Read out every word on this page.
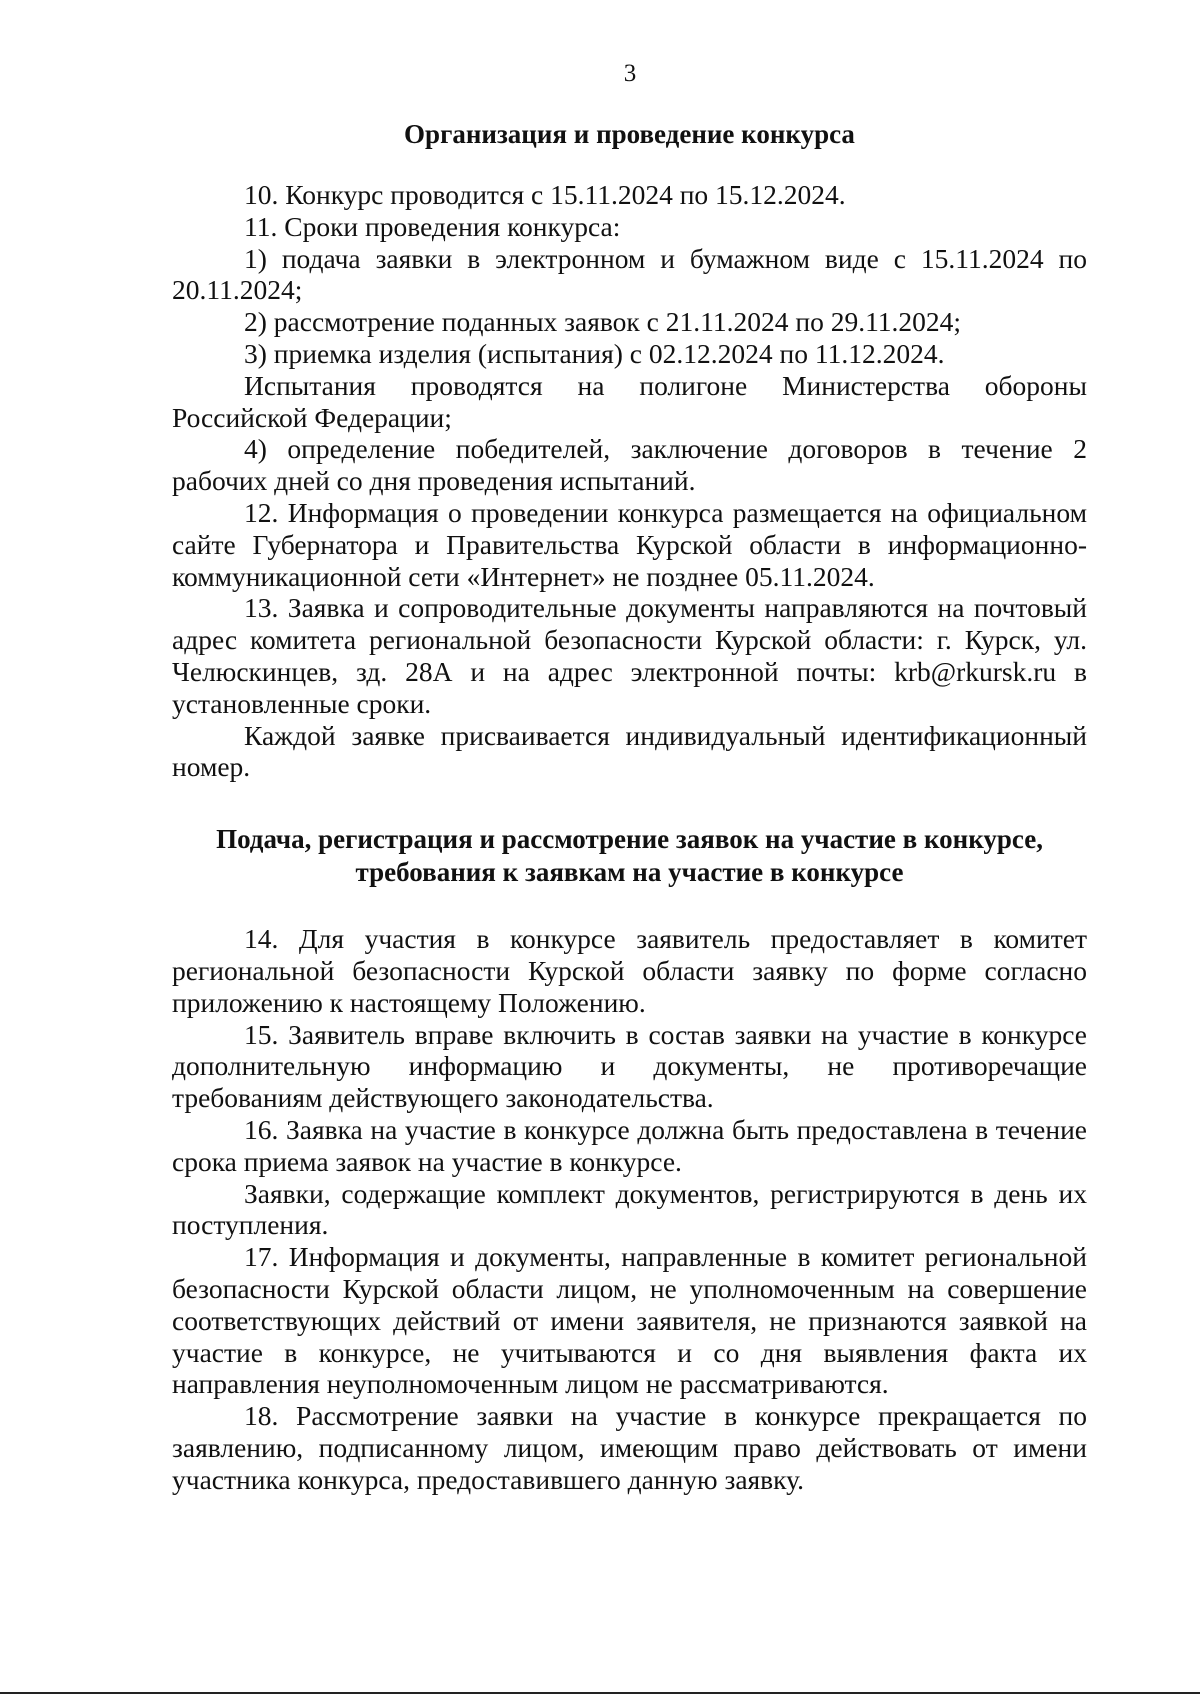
3
Организация и проведение конкурса

10. Конкурс проводится с 15.11.2024 по 15.12.2024.

11. Сроки проведения конкурса:

1) подача заявки в электронном и бумажном виде с 15.11.2024 по 20.11.2024;

2) рассмотрение поданных заявок с 21.11.2024 по 29.11.2024;

3) приемка изделия (испытания) с 02.12.2024 по 11.12.2024.

Испытания проводятся на полигоне Министерства обороны Российской Федерации;

4) определение победителей, заключение договоров в течение 2 рабочих дней со дня проведения испытаний.

12. Информация о проведении конкурса размещается на официальном сайте Губернатора и Правительства Курской области в информационно-коммуникационной сети «Интернет» не позднее 05.11.2024.

13. Заявка и сопроводительные документы направляются на почтовый адрес комитета региональной безопасности Курской области: г. Курск, ул. Челюскинцев, зд. 28А и на адрес электронной почты: krb@rkursk.ru в установленные сроки.

Каждой заявке присваивается индивидуальный идентификационный номер.

Подача, регистрация и рассмотрение заявок на участие в конкурсе,
требования к заявкам на участие в конкурсе

14. Для участия в конкурсе заявитель предоставляет в комитет региональной безопасности Курской области заявку по форме согласно приложению к настоящему Положению.

15. Заявитель вправе включить в состав заявки на участие в конкурсе дополнительную информацию и документы, не противоречащие требованиям действующего законодательства.

16. Заявка на участие в конкурсе должна быть предоставлена в течение срока приема заявок на участие в конкурсе.

Заявки, содержащие комплект документов, регистрируются в день их поступления.

17. Информация и документы, направленные в комитет региональной безопасности Курской области лицом, не уполномоченным на совершение соответствующих действий от имени заявителя, не признаются заявкой на участие в конкурсе, не учитываются и со дня выявления факта их направления неуполномоченным лицом не рассматриваются.

18. Рассмотрение заявки на участие в конкурсе прекращается по заявлению, подписанному лицом, имеющим право действовать от имени участника конкурса, предоставившего данную заявку.
